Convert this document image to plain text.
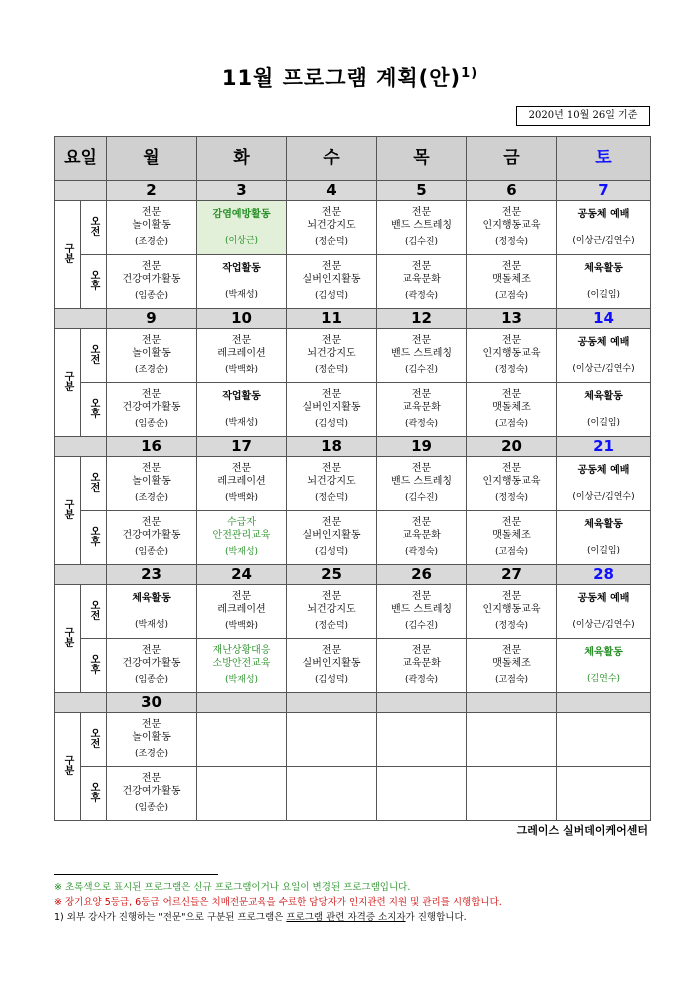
11월 프로그램 계획(안)$^{1)}$
2020년 10월 26일 기준
요일		월	화	수	목	금	토
		2	3	4	5	6	7
구분	오전	전문
놀이활동
(조경순)	감염예방활동
(이상근)	전문
뇌건강지도
(정순덕)	전문
밴드 스트레칭
(김수진)	전문
인지행동교육
(정정숙)	공동체 예배
(이상근/김연수)

	오후	전문
건강여가활동
(임종순)	작업활동
(박재성)	전문
실버인지활동
(김성덕)	전문
교육문화
(곽정숙)	전문
맷돌체조
(고점숙)	체육활동
(이길임)

		9	10	11	12	13	14
구분	오전	전문
놀이활동
(조경순)	전문
레크레이션
(박백화)	전문
뇌건강지도
(정순덕)	전문
밴드 스트레칭
(김수진)	전문
인지행동교육
(정정숙)	공동체 예배
(이상근/김연수)

	오후	전문
건강여가활동
(임종순)	작업활동
(박재성)	전문
실버인지활동
(김성덕)	전문
교육문화
(곽정숙)	전문
맷돌체조
(고점숙)	체육활동
(이길임)

		16	17	18	19	20	21
구분	오전	전문
놀이활동
(조경순)	전문
레크레이션
(박백화)	전문
뇌건강지도
(정순덕)	전문
밴드 스트레칭
(김수진)	전문
인지행동교육
(정정숙)	공동체 예배
(이상근/김연수)

	오후	전문
건강여가활동
(임종순)	수급자
안전관리교육
(박재성)	전문
실버인지활동
(김성덕)	전문
교육문화
(곽정숙)	전문
맷돌체조
(고점숙)	체육활동
(이길임)

		23	24	25	26	27	28
구분	오전	체육활동
(박재성)	전문
레크레이션
(박백화)	전문
뇌건강지도
(정순덕)	전문
밴드 스트레칭
(김수진)	전문
인지행동교육
(정정숙)	공동체 예배
(이상근/김연수)

	오후	전문
건강여가활동
(임종순)	재난상황대응
소방안전교육
(박재성)	전문
실버인지활동
(김성덕)	전문
교육문화
(곽정숙)	전문
맷돌체조
(고점숙)	체육활동
(김연수)

		30					
구분	오전	전문
놀이활동
(조경순)					

	오후	전문
건강여가활동
(임종순)					

그레이스 실버데이케어센터
※ 초록색으로 표시된 프로그램은 신규 프로그램이거나 요일이 변경된 프로그램입니다.
※ 장기요양 5등급, 6등급 어르신들은 치매전문교육을 수료한 담당자가 인지관련 지원 및 관리를 시행합니다.
1) 외부 강사가 진행하는 "전문"으로 구분된 프로그램은 프로그램 관련 자격증 소지자가 진행합니다.
